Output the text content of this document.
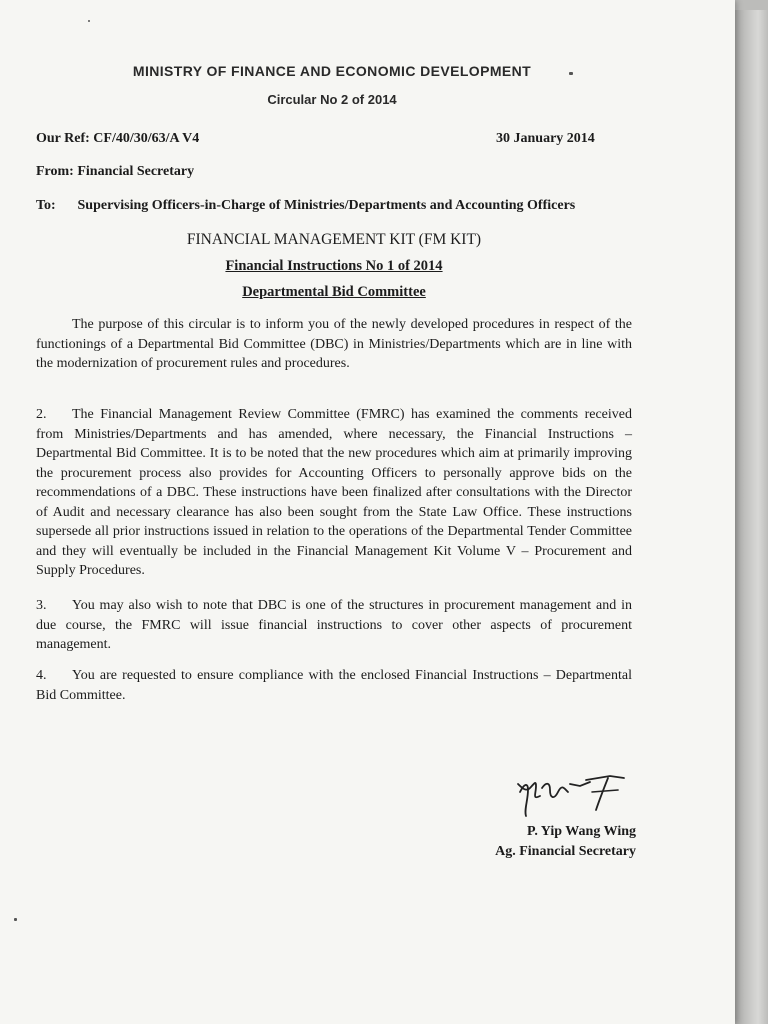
MINISTRY OF FINANCE AND ECONOMIC DEVELOPMENT
Circular No 2 of 2014
Our Ref: CF/40/30/63/A V4	30 January 2014
From: Financial Secretary
To: Supervising Officers-in-Charge of Ministries/Departments and Accounting Officers
FINANCIAL MANAGEMENT KIT (FM KIT)
Financial Instructions No 1 of 2014
Departmental Bid Committee

The purpose of this circular is to inform you of the newly developed procedures in respect of the functionings of a Departmental Bid Committee (DBC) in Ministries/Departments which are in line with the modernization of procurement rules and procedures.

2. The Financial Management Review Committee (FMRC) has examined the comments received from Ministries/Departments and has amended, where necessary, the Financial Instructions – Departmental Bid Committee. It is to be noted that the new procedures which aim at primarily improving the procurement process also provides for Accounting Officers to personally approve bids on the recommendations of a DBC. These instructions have been finalized after consultations with the Director of Audit and necessary clearance has also been sought from the State Law Office. These instructions supersede all prior instructions issued in relation to the operations of the Departmental Tender Committee and they will eventually be included in the Financial Management Kit Volume V – Procurement and Supply Procedures.

3. You may also wish to note that DBC is one of the structures in procurement management and in due course, the FMRC will issue financial instructions to cover other aspects of procurement management.

4. You are requested to ensure compliance with the enclosed Financial Instructions – Departmental Bid Committee.

P. Yip Wang Wing
Ag. Financial Secretary
